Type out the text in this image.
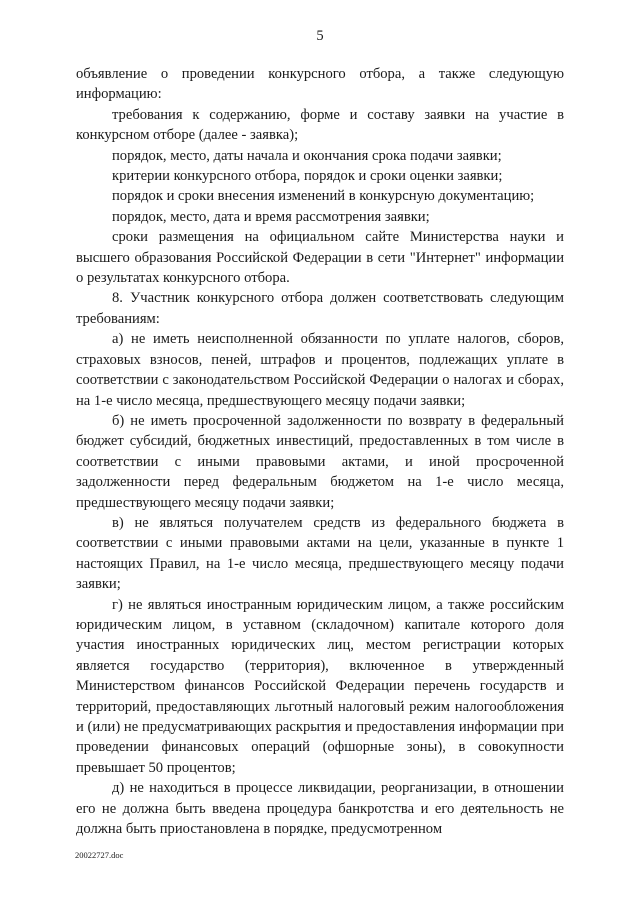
5

объявление о проведении конкурсного отбора, а также следующую информацию:

требования к содержанию, форме и составу заявки на участие в конкурсном отборе (далее - заявка);

порядок, место, даты начала и окончания срока подачи заявки;

критерии конкурсного отбора, порядок и сроки оценки заявки;

порядок и сроки внесения изменений в конкурсную документацию;

порядок, место, дата и время рассмотрения заявки;

сроки размещения на официальном сайте Министерства науки и высшего образования Российской Федерации в сети "Интернет" информации о результатах конкурсного отбора.

8. Участник конкурсного отбора должен соответствовать следующим требованиям:

а) не иметь неисполненной обязанности по уплате налогов, сборов, страховых взносов, пеней, штрафов и процентов, подлежащих уплате в соответствии с законодательством Российской Федерации о налогах и сборах, на 1-е число месяца, предшествующего месяцу подачи заявки;

б) не иметь просроченной задолженности по возврату в федеральный бюджет субсидий, бюджетных инвестиций, предоставленных в том числе в соответствии с иными правовыми актами, и иной просроченной задолженности перед федеральным бюджетом на 1-е число месяца, предшествующего месяцу подачи заявки;

в) не являться получателем средств из федерального бюджета в соответствии с иными правовыми актами на цели, указанные в пункте 1 настоящих Правил, на 1-е число месяца, предшествующего месяцу подачи заявки;

г) не являться иностранным юридическим лицом, а также российским юридическим лицом, в уставном (складочном) капитале которого доля участия иностранных юридических лиц, местом регистрации которых является государство (территория), включенное в утвержденный Министерством финансов Российской Федерации перечень государств и территорий, предоставляющих льготный налоговый режим налогообложения и (или) не предусматривающих раскрытия и предоставления информации при проведении финансовых операций (офшорные зоны), в совокупности превышает 50 процентов;

д) не находиться в процессе ликвидации, реорганизации, в отношении его не должна быть введена процедура банкротства и его деятельность не должна быть приостановлена в порядке, предусмотренном

20022727.doc
